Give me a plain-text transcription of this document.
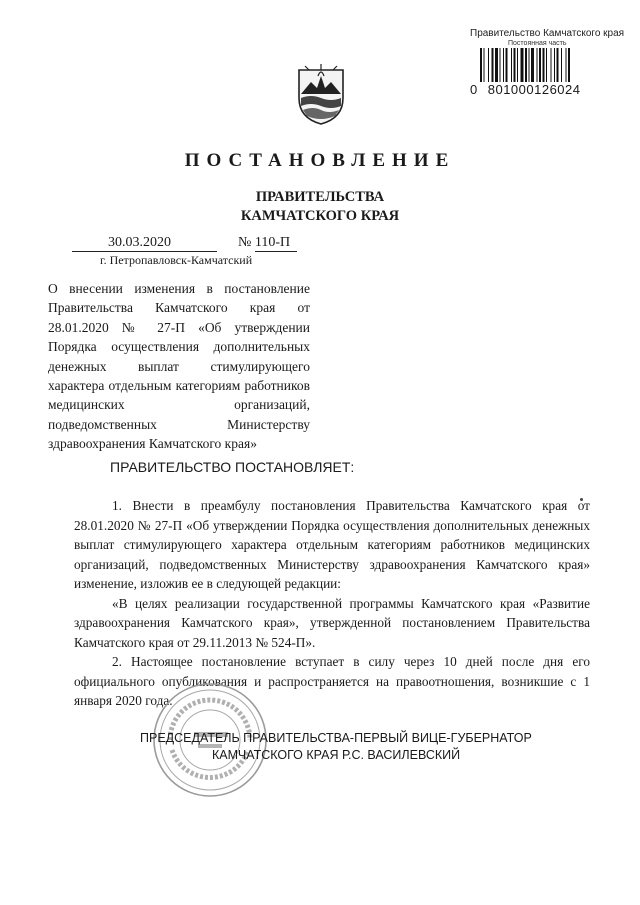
Правительство Камчатского края
Постоянная часть
0 801000126024
ПОСТАНОВЛЕНИЕ
ПРАВИТЕЛЬСТВА
КАМЧАТСКОГО КРАЯ
30.03.2020	№ 110-П
г. Петропавловск-Камчатский
О внесении изменения в постановление Правительства Камчатского края от 28.01.2020 № 27-П «Об утверждении Порядка осуществления дополнительных денежных выплат стимулирующего характера отдельным категориям работников медицинских организаций, подведомственных Министерству здравоохранения Камчатского края»
ПРАВИТЕЛЬСТВО ПОСТАНОВЛЯЕТ:

1. Внести в преамбулу постановления Правительства Камчатского края от 28.01.2020 № 27-П «Об утверждении Порядка осуществления дополнительных денежных выплат стимулирующего характера отдельным категориям работников медицинских организаций, подведомственных Министерству здравоохранения Камчатского края» изменение, изложив ее в следующей редакции:

«В целях реализации государственной программы Камчатского края «Развитие здравоохранения Камчатского края», утвержденной постановлением Правительства Камчатского края от 29.11.2013 № 524-П».

2. Настоящее постановление вступает в силу через 10 дней после дня его официального опубликования и распространяется на правоотношения, возникшие с 1 января 2020 года.

ПРЕДСЕДАТЕЛЬ ПРАВИТЕЛЬСТВА-ПЕРВЫЙ ВИЦЕ-ГУБЕРНАТОР
КАМЧАТСКОГО КРАЯ Р.С. ВАСИЛЕВСКИЙ
